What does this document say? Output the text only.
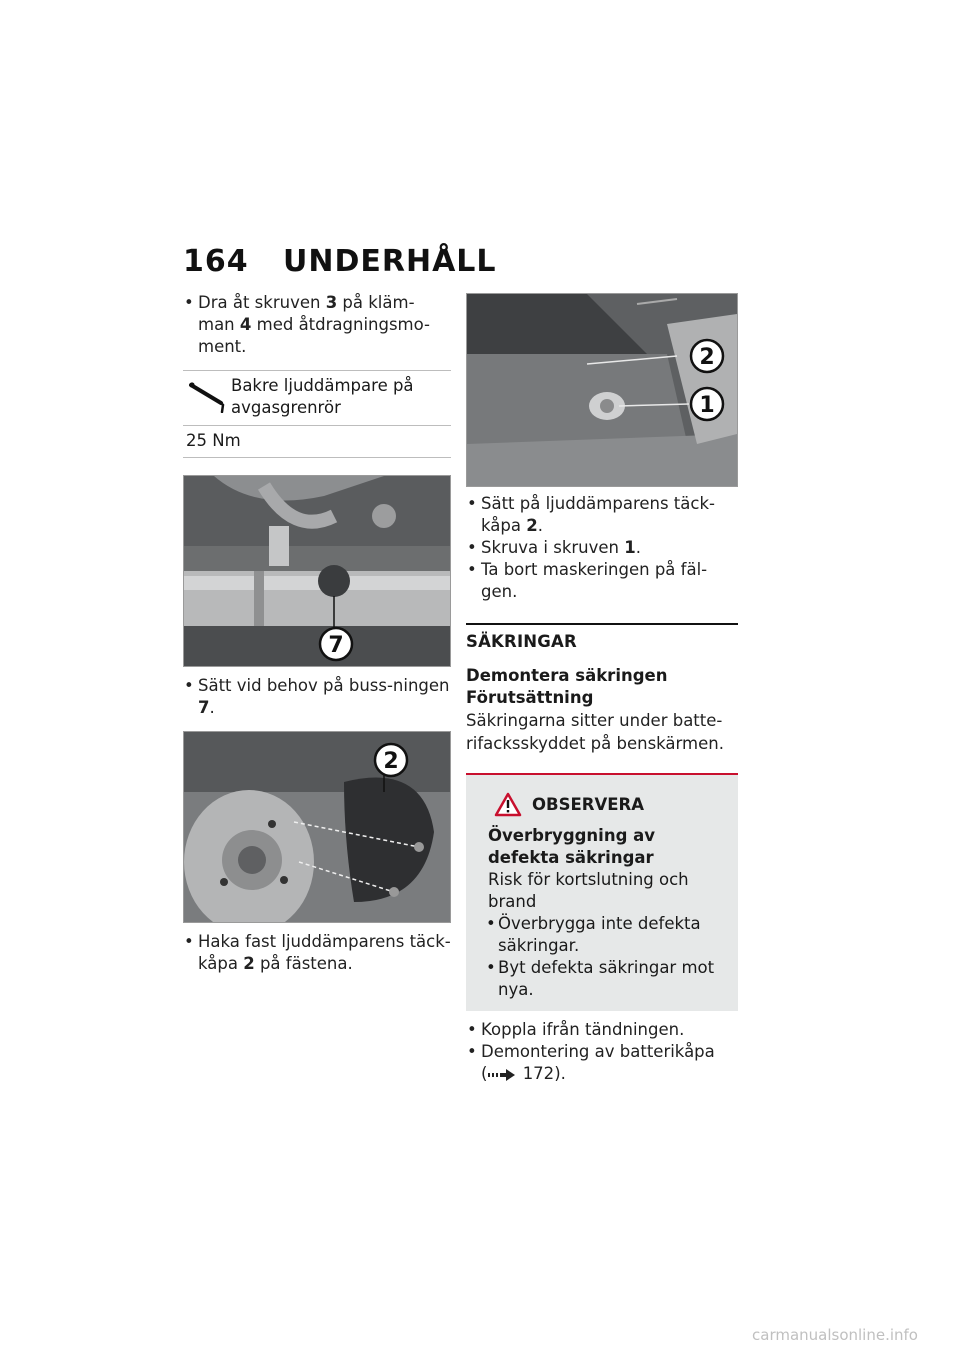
164 UNDERHÅLL
• Dra åt skruven 3 på kläm-man 4 med åtdragningsmo-ment.
Bakre ljuddämpare på avgasgrenrör
25 Nm
7
• Sätt vid behov på buss-ningen 7.
2
• Haka fast ljuddämparens täck-kåpa 2 på fästena.
2
1
• Sätt på ljuddämparens täck-kåpa 2.
• Skruva i skruven 1.
• Ta bort maskeringen på fäl-gen.
SÄKRINGAR
Demontera säkringen
Förutsättning
Säkringarna sitter under batte-rifacksskyddet på benskärmen.
OBSERVERA
Överbryggning av defekta säkringar
Risk för kortslutning och brand
• Överbrygga inte defekta säkringar.
• Byt defekta säkringar mot nya.
• Koppla ifrån tändningen.
• Demontering av batterikåpa
( 172).
carmanualsonline.info
